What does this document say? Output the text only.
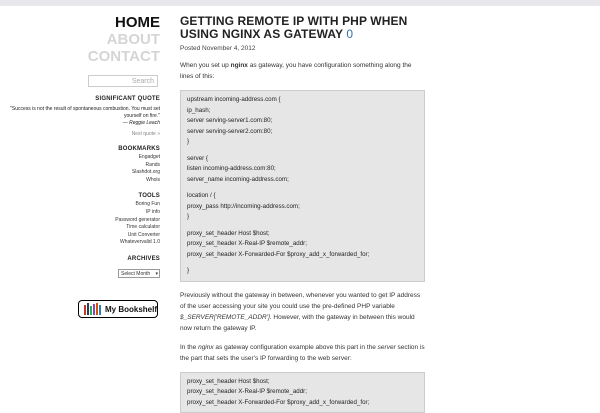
HOME
ABOUT
CONTACT
Search
SIGNIFICANT QUOTE
"Success is not the result of spontaneous combustion. You must set yourself on fire."
— Reggie Leach
Next quote »
BOOKMARKS
Engadget
Rands
Slashdot.org
Whois
TOOLS
Boring Fun
IP info
Password generator
Time calculator
Unit Converter
Whatevervalid 1.0
ARCHIVES
Select Month ▾
My Bookshelf
GETTING REMOTE IP WITH PHP WHEN USING NGINX AS GATEWAY 0
Posted November 4, 2012
When you set up nginx as gateway, you have configuration something along the lines of this:
upstream incoming-address.com {
ip_hash;
server serving-server1.com:80;
server serving-server2.com:80;
}
server {
listen incoming-address.com:80;
server_name incoming-address.com;
location / {
proxy_pass http://incoming-address.com;
}
proxy_set_header Host $host;
proxy_set_header X-Real-IP $remote_addr;
proxy_set_header X-Forwarded-For $proxy_add_x_forwarded_for;
}
Previously without the gateway in between, whenever you wanted to get IP address of the user accessing your site you could use the pre-defined PHP variable $_SERVER['REMOTE_ADDR']. However, with the gateway in between this would now return the gateway IP.
In the nginx as gateway configuration example above this part in the server section is the part that sets the user's IP forwarding to the web server:
proxy_set_header Host $host;
proxy_set_header X-Real-IP $remote_addr;
proxy_set_header X-Forwarded-For $proxy_add_x_forwarded_for;
